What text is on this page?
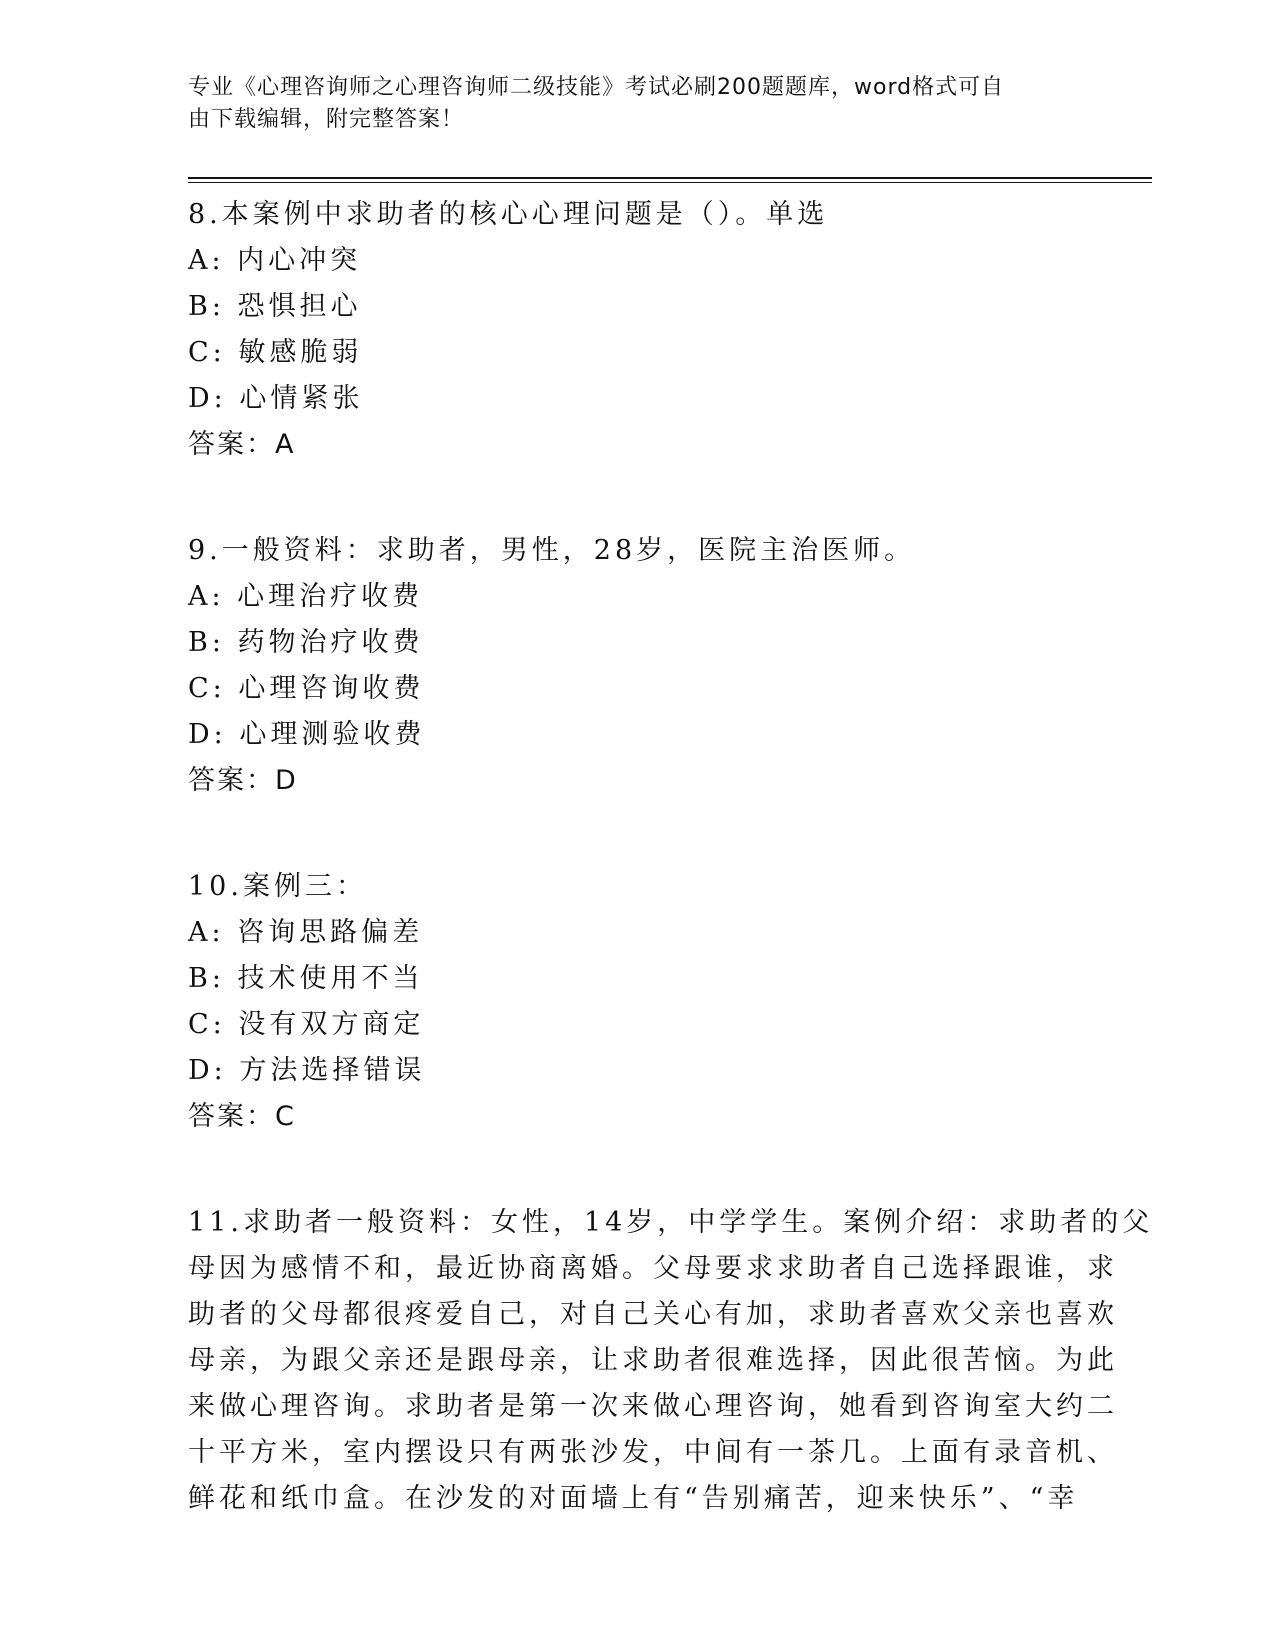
专业《心理咨询师之心理咨询师二级技能》考试必刷200题题库，word格式可自
由下载编辑，附完整答案！
8.本案例中求助者的核心心理问题是（）。单选
A: 内心冲突
B: 恐惧担心
C: 敏感脆弱
D: 心情紧张
答案：A
9.一般资料：求助者，男性，28岁，医院主治医师。
A: 心理治疗收费
B: 药物治疗收费
C: 心理咨询收费
D: 心理测验收费
答案：D
10.案例三：
A: 咨询思路偏差
B: 技术使用不当
C: 没有双方商定
D: 方法选择错误
答案：C
11.求助者一般资料：女性，14岁，中学学生。案例介绍：求助者的父
母因为感情不和，最近协商离婚。父母要求求助者自己选择跟谁，求
助者的父母都很疼爱自己，对自己关心有加，求助者喜欢父亲也喜欢
母亲，为跟父亲还是跟母亲，让求助者很难选择，因此很苦恼。为此
来做心理咨询。求助者是第一次来做心理咨询，她看到咨询室大约二
十平方米，室内摆设只有两张沙发，中间有一茶几。上面有录音机、
鲜花和纸巾盒。在沙发的对面墙上有“告别痛苦，迎来快乐”、“幸
